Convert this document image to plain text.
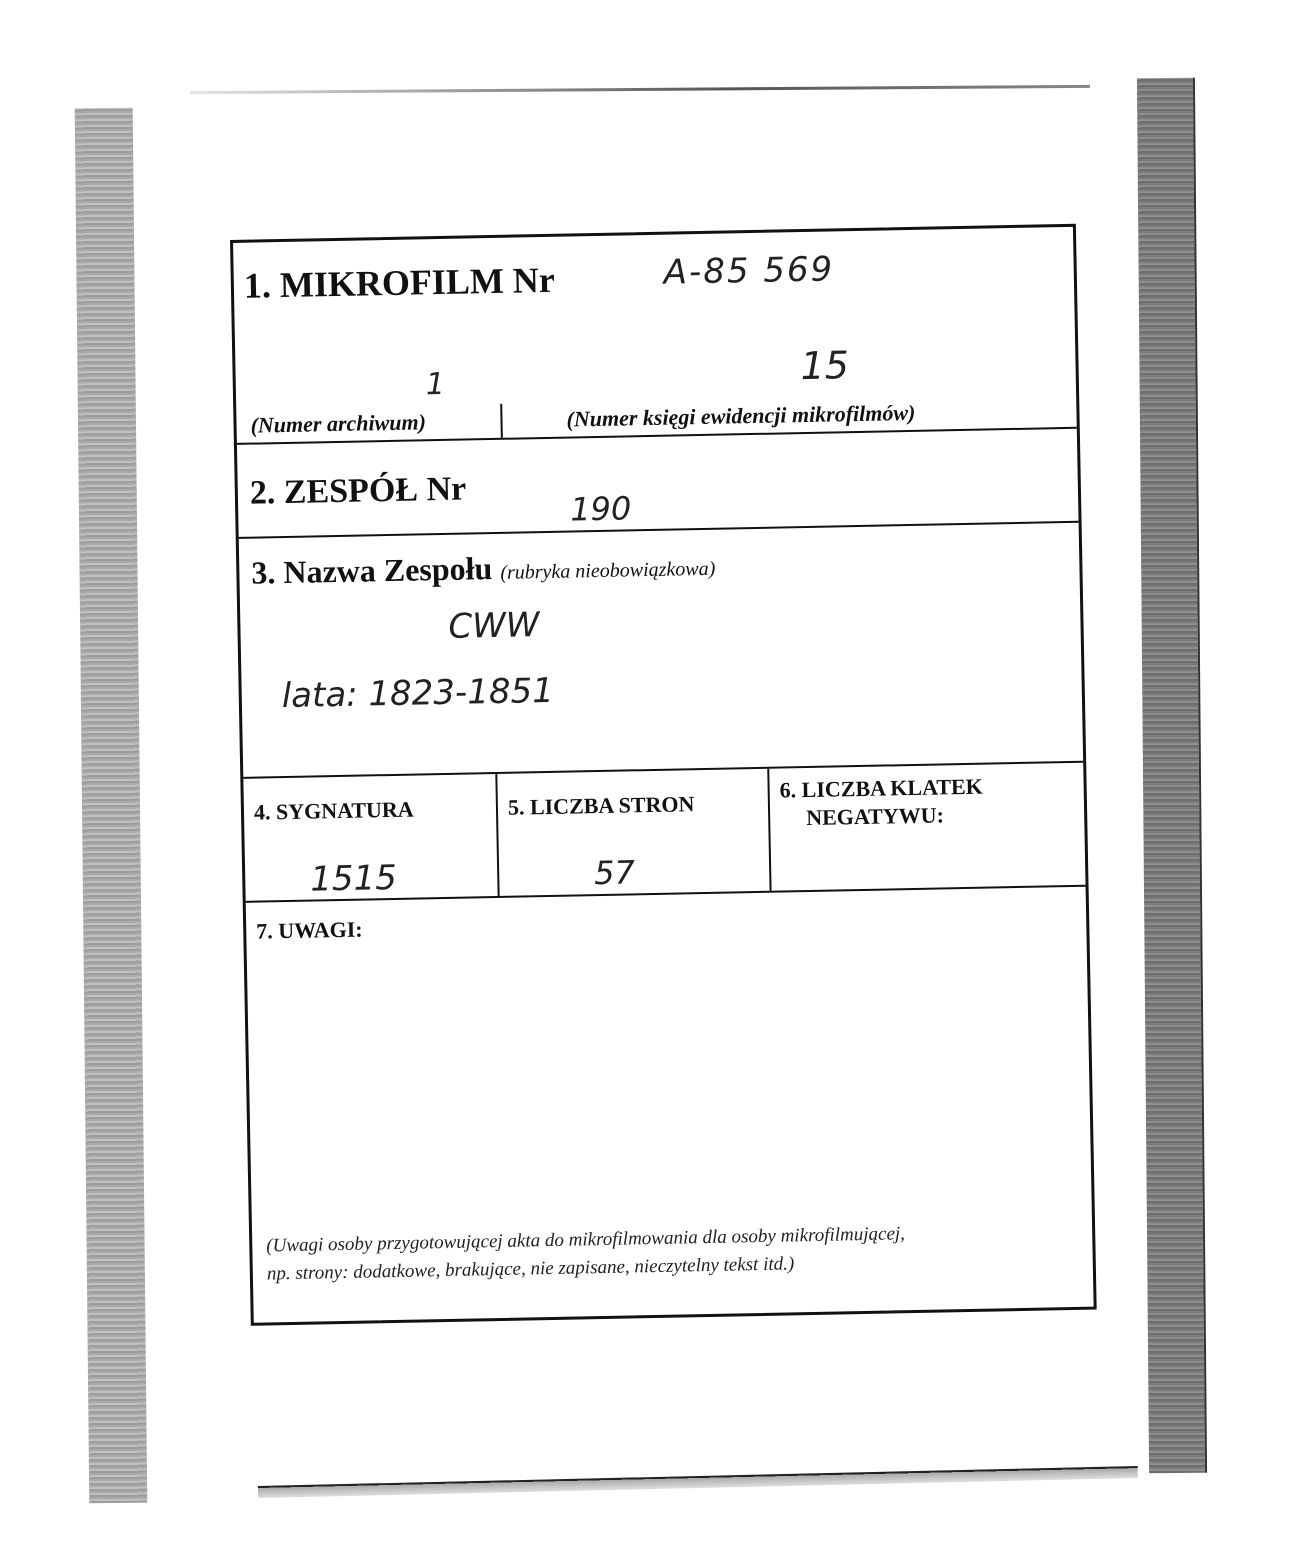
1. MIKROFILM Nr	A-85 569
1	15
(Numer archiwum)	(Numer księgi ewidencji mikrofilmów)
2. ZESPÓŁ Nr	190
3. Nazwa Zespołu (rubryka nieobowiązkowa)
CWW
lata: 1823-1851
4. SYGNATURA
1515
5. LICZBA STRON
57
6. LICZBA KLATEK
NEGATYWU:
7. UWAGI:
(Uwagi osoby przygotowującej akta do mikrofilmowania dla osoby mikrofilmującej,
np. strony: dodatkowe, brakujące, nie zapisane, nieczytelny tekst itd.)
